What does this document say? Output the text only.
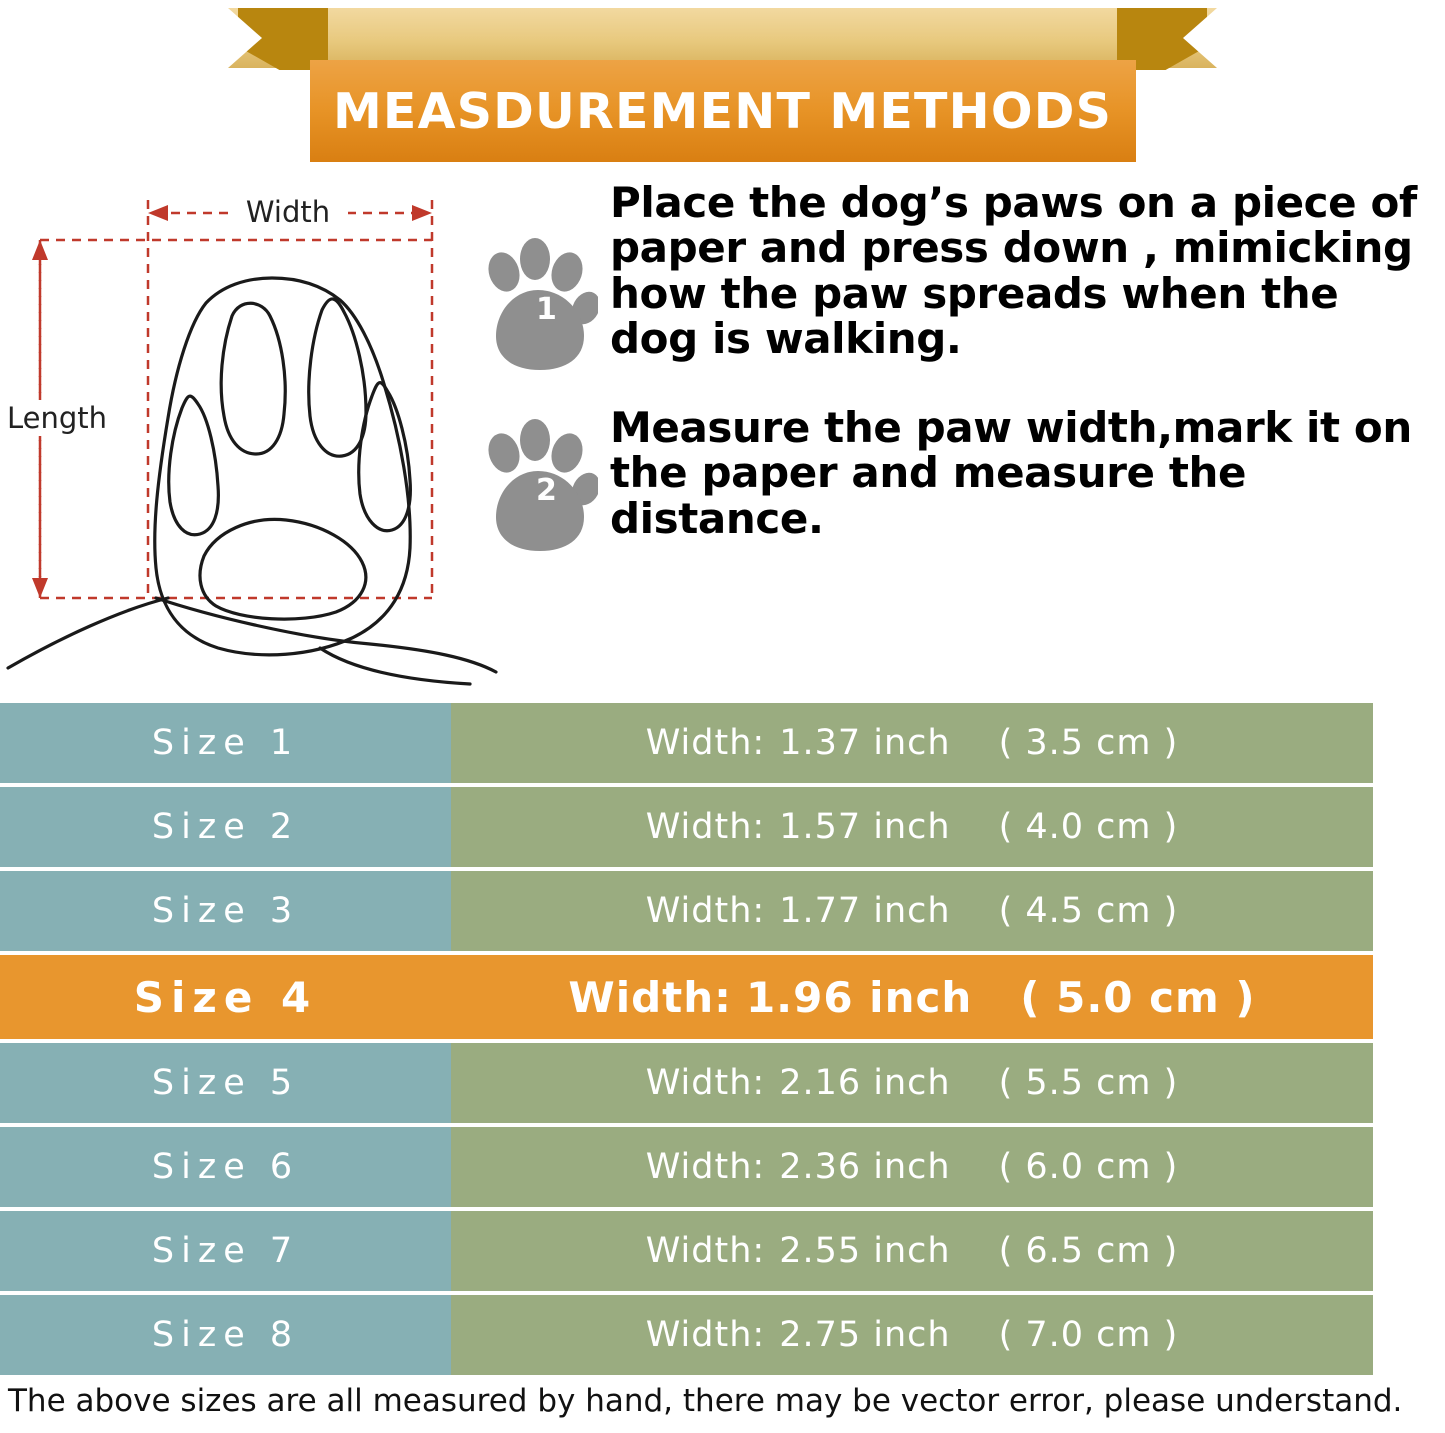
MEASDUREMENT METHODS
Width
Length
1
Place the dog’s paws on a piece of paper and press down , mimicking how the paw spreads when the dog is walking.
2
Measure the paw width,mark it on the paper and measure the distance.
Size 1	Width: 1.37 inch ( 3.5 cm )
Size 2	Width: 1.57 inch ( 4.0 cm )
Size 3	Width: 1.77 inch ( 4.5 cm )
Size 4	Width: 1.96 inch ( 5.0 cm )
Size 5	Width: 2.16 inch ( 5.5 cm )
Size 6	Width: 2.36 inch ( 6.0 cm )
Size 7	Width: 2.55 inch ( 6.5 cm )
Size 8	Width: 2.75 inch ( 7.0 cm )
The above sizes are all measured by hand, there may be vector error, please understand.
